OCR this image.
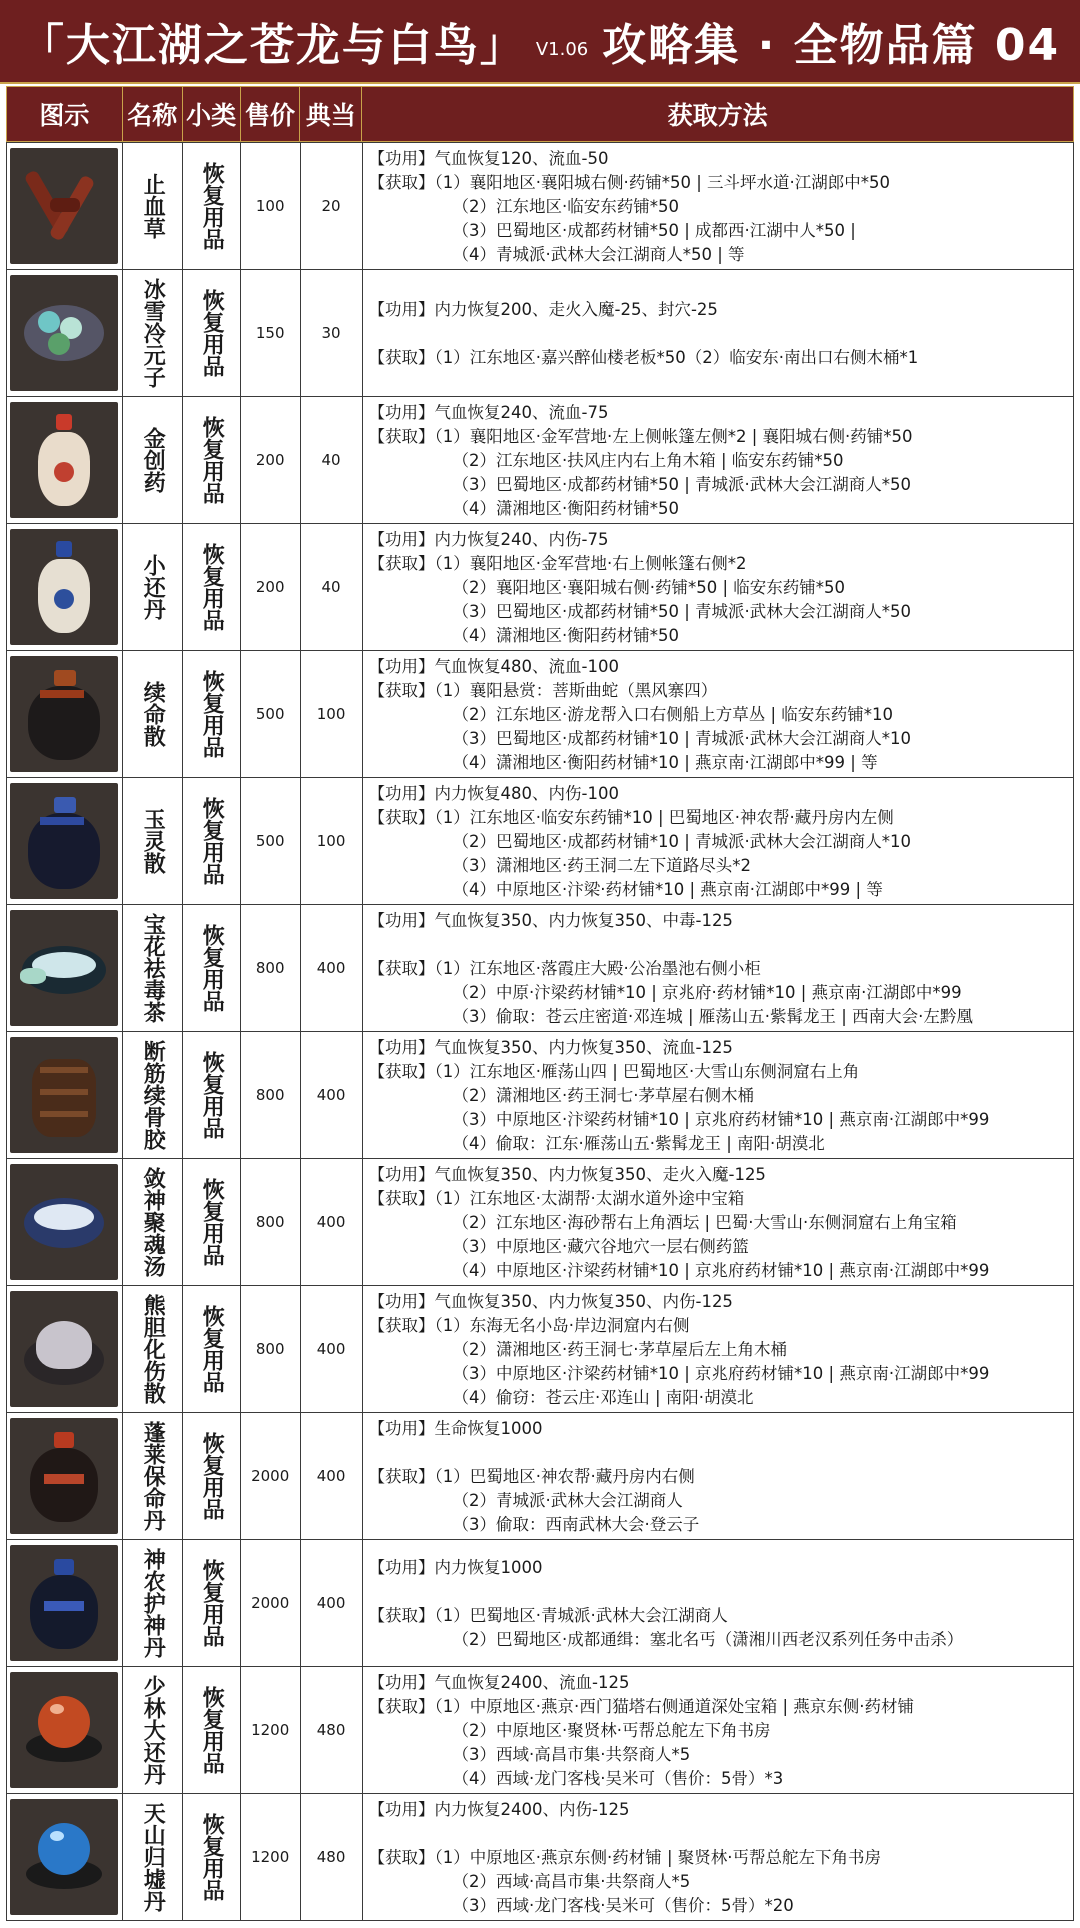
「大江湖之苍龙与白鸟」 V1.06 攻略集 · 全物品篇 04
图示	名称 小类 售价 典当	获取方法
止血草	恢复用品	100	20
【功用】气血恢复120、流血-50
【获取】（1）襄阳地区·襄阳城右侧·药铺*50 | 三斗坪水道·江湖郎中*50
（2）江东地区·临安东药铺*50
（3）巴蜀地区·成都药材铺*50 | 成都西·江湖中人*50 |
（4）青城派·武林大会江湖商人*50 | 等
冰雪冷元子	恢复用品	150	30
【功用】内力恢复200、走火入魔-25、封穴-25
【获取】（1）江东地区·嘉兴醉仙楼老板*50（2）临安东·南出口右侧木桶*1
金创药	恢复用品	200	40
【功用】气血恢复240、流血-75
【获取】（1）襄阳地区·金军营地·左上侧帐篷左侧*2 | 襄阳城右侧·药铺*50
（2）江东地区·扶风庄内右上角木箱 | 临安东药铺*50
（3）巴蜀地区·成都药材铺*50 | 青城派·武林大会江湖商人*50
（4）潇湘地区·衡阳药材铺*50
小还丹	恢复用品	200	40
【功用】内力恢复240、内伤-75
【获取】（1）襄阳地区·金军营地·右上侧帐篷右侧*2
（2）襄阳地区·襄阳城右侧·药铺*50 | 临安东药铺*50
（3）巴蜀地区·成都药材铺*50 | 青城派·武林大会江湖商人*50
（4）潇湘地区·衡阳药材铺*50
续命散	恢复用品	500	100
【功用】气血恢复480、流血-100
【获取】（1）襄阳悬赏：菩斯曲蛇（黑风寨四）
（2）江东地区·游龙帮入口右侧船上方草丛 | 临安东药铺*10
（3）巴蜀地区·成都药材铺*10 | 青城派·武林大会江湖商人*10
（4）潇湘地区·衡阳药材铺*10 | 燕京南·江湖郎中*99 | 等
玉灵散	恢复用品	500	100
【功用】内力恢复480、内伤-100
【获取】（1）江东地区·临安东药铺*10 | 巴蜀地区·神农帮·藏丹房内左侧
（2）巴蜀地区·成都药材铺*10 | 青城派·武林大会江湖商人*10
（3）潇湘地区·药王洞二左下道路尽头*2
（4）中原地区·汴梁·药材铺*10 | 燕京南·江湖郎中*99 | 等
宝花祛毒茶	恢复用品	800	400
【功用】气血恢复350、内力恢复350、中毒-125
【获取】（1）江东地区·落霞庄大殿·公冶墨池右侧小柜
（2）中原·汴梁药材铺*10 | 京兆府·药材铺*10 | 燕京南·江湖郎中*99
（3）偷取：苍云庄密道·邓连城 | 雁荡山五·紫髯龙王 | 西南大会·左黔凰
断筋续骨胶	恢复用品	800	400
【功用】气血恢复350、内力恢复350、流血-125
【获取】（1）江东地区·雁荡山四 | 巴蜀地区·大雪山东侧洞窟右上角
（2）潇湘地区·药王洞七·茅草屋右侧木桶
（3）中原地区·汴梁药材铺*10 | 京兆府药材铺*10 | 燕京南·江湖郎中*99
（4）偷取：江东·雁荡山五·紫髯龙王 | 南阳·胡漠北
敛神聚魂汤	恢复用品	800	400
【功用】气血恢复350、内力恢复350、走火入魔-125
【获取】（1）江东地区·太湖帮·太湖水道外途中宝箱
（2）江东地区·海砂帮右上角酒坛 | 巴蜀·大雪山·东侧洞窟右上角宝箱
（3）中原地区·藏穴谷地穴一层右侧药篮
（4）中原地区·汴梁药材铺*10 | 京兆府药材铺*10 | 燕京南·江湖郎中*99
熊胆化伤散	恢复用品	800	400
【功用】气血恢复350、内力恢复350、内伤-125
【获取】（1）东海无名小岛·岸边洞窟内右侧
（2）潇湘地区·药王洞七·茅草屋后左上角木桶
（3）中原地区·汴梁药材铺*10 | 京兆府药材铺*10 | 燕京南·江湖郎中*99
（4）偷窃：苍云庄·邓连山 | 南阳·胡漠北
蓬莱保命丹	恢复用品	2000	400
【功用】生命恢复1000
【获取】（1）巴蜀地区·神农帮·藏丹房内右侧
（2）青城派·武林大会江湖商人
（3）偷取：西南武林大会·登云子
神农护神丹	恢复用品	2000	400
【功用】内力恢复1000
【获取】（1）巴蜀地区·青城派·武林大会江湖商人
（2）巴蜀地区·成都通缉：塞北名丐（潇湘川西老汉系列任务中击杀）
少林大还丹	恢复用品	1200	480
【功用】气血恢复2400、流血-125
【获取】（1）中原地区·燕京·西门猫塔右侧通道深处宝箱 | 燕京东侧·药材铺
（2）中原地区·聚贤林·丐帮总舵左下角书房
（3）西域·高昌市集·共祭商人*5
（4）西域·龙门客栈·吴米可（售价：5骨）*3
天山归墟丹	恢复用品	1200	480
【功用】内力恢复2400、内伤-125
【获取】（1）中原地区·燕京东侧·药材铺 | 聚贤林·丐帮总舵左下角书房
（2）西域·高昌市集·共祭商人*5
（3）西域·龙门客栈·吴米可（售价：5骨）*20
